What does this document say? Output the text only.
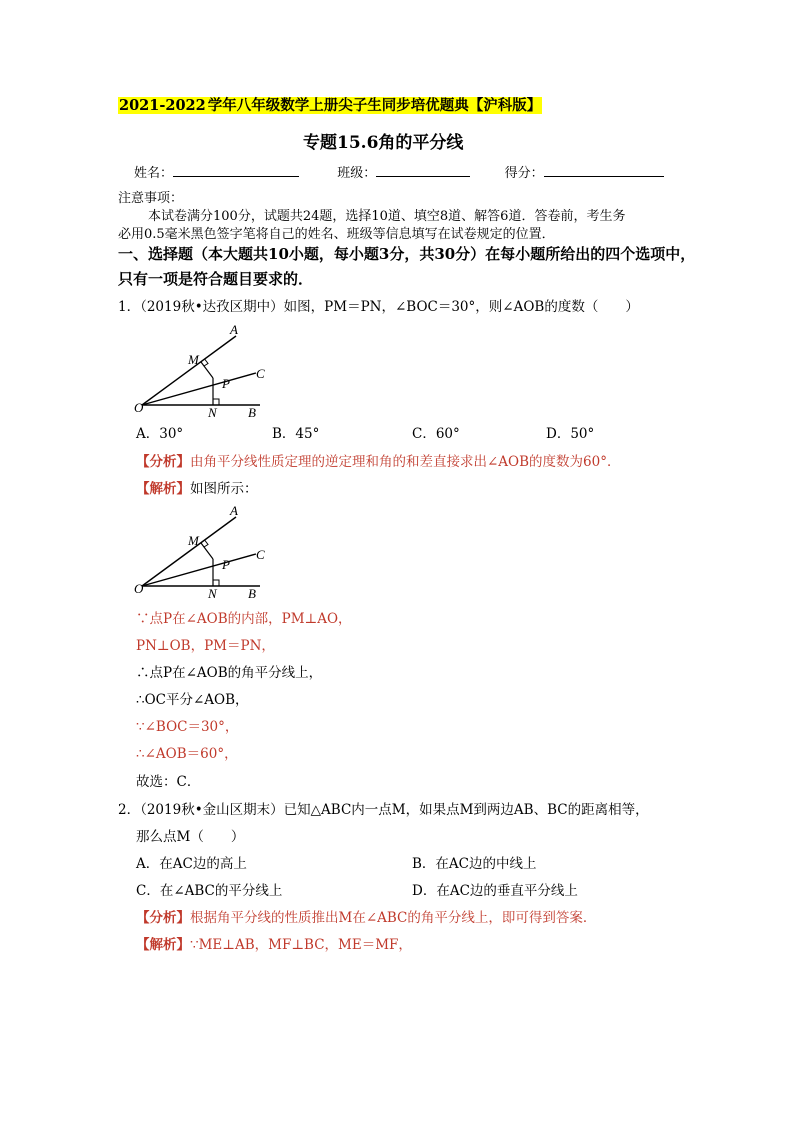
2021-2022 学年八年级数学上册尖子生同步培优题典【沪科版】
专题15.6角的平分线
姓名：	班级：	得分：
注意事项：
本试卷满分100分，试题共24题，选择10道、填空8道、解答6道．答卷前，考生务
必用0.5毫米黑色签字笔将自己的姓名、班级等信息填写在试卷规定的位置．
一、选择题（本大题共10小题，每小题3分，共30分）在每小题所给出的四个选项中，
只有一项是符合题目要求的．
1．（2019秋•达孜区期中）如图，PM＝PN，∠BOC＝30°，则∠AOB的度数（　　）
A
M
C
P
O	N B
A．30°	B．45°	C．60°	D．50°
【分析】由角平分线性质定理的逆定理和角的和差直接求出∠AOB的度数为60°．
【解析】如图所示：
A
M
C
P
O	N B
∵点P在∠AOB的内部，PM⊥AO，
PN⊥OB，PM＝PN，
∴点P在∠AOB的角平分线上，
∴OC平分∠AOB，
∵∠BOC＝30°，
∴∠AOB＝60°，
故选：C．
2．（2019秋•金山区期末）已知△ABC内一点M，如果点M到两边AB、BC的距离相等，
那么点M（　　）
A．在AC边的高上	B．在AC边的中线上
C．在∠ABC的平分线上	D．在AC边的垂直平分线上
【分析】根据角平分线的性质推出M在∠ABC的角平分线上，即可得到答案．
【解析】∵ME⊥AB，MF⊥BC，ME＝MF，
